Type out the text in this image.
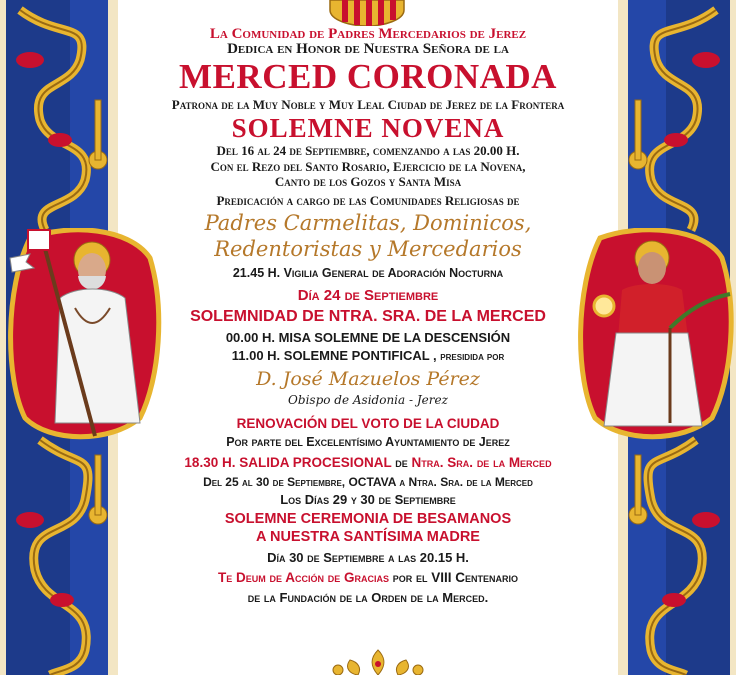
La Comunidad de Padres Mercedarios de Jerez
Dedica en Honor de Nuestra Señora de la
MERCED CORONADA
Patrona de la Muy Noble y Muy Leal Ciudad de Jerez de la Frontera
SOLEMNE NOVENA
Del 16 al 24 de Septiembre, comenzando a las 20.00 H.
Con el Rezo del Santo Rosario, Ejercicio de la Novena,
Canto de los Gozos y Santa Misa
Predicación a cargo de las Comunidades Religiosas de
Padres Carmelitas, Dominicos,
Redentoristas y Mercedarios
21.45 H. Vigilia General de Adoración Nocturna
Día 24 de Septiembre
SOLEMNIDAD DE NTRA. SRA. DE LA MERCED
00.00 H. MISA SOLEMNE DE LA DESCENSIÓN
11.00 H. SOLEMNE PONTIFICAL , presidida por
D. José Mazuelos Pérez
Obispo de Asidonia - Jerez
RENOVACIÓN DEL VOTO DE LA CIUDAD
Por parte del Excelentísimo Ayuntamiento de Jerez
18.30 H. SALIDA PROCESIONAL de Ntra. Sra. de la Merced
Del 25 al 30 de Septiembre, OCTAVA a Ntra. Sra. de la Merced
Los Días 29 y 30 de Septiembre
SOLEMNE CEREMONIA DE BESAMANOS
A NUESTRA SANTÍSIMA MADRE
Día 30 de Septiembre a las 20.15 H.
Te Deum de Acción de Gracias por el VIII Centenario
de la Fundación de la Orden de la Merced.
